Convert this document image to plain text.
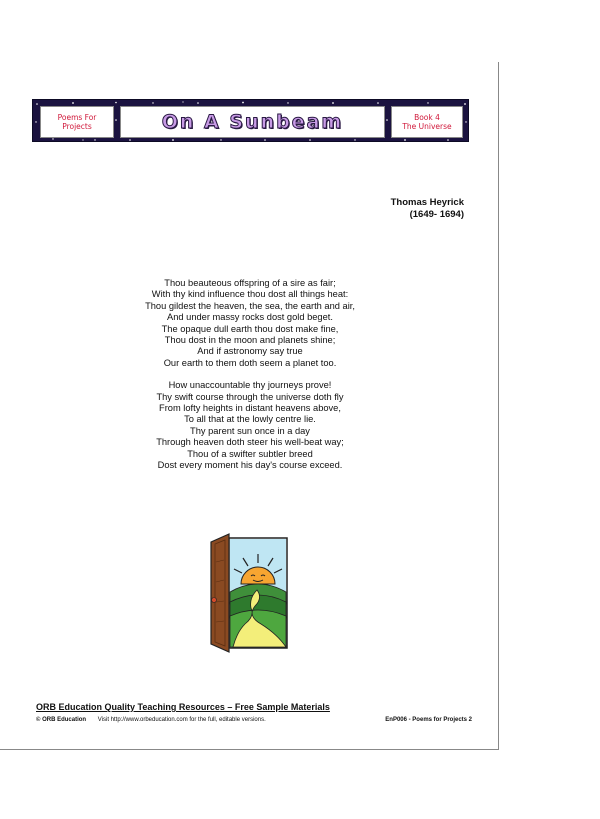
Poems For
Projects	On A Sunbeam	Book 4
The Universe
Thomas Heyrick
(1649- 1694)
Thou beauteous offspring of a sire as fair;
With thy kind influence thou dost all things heat:
Thou gildest the heaven, the sea, the earth and air,
And under massy rocks dost gold beget.
The opaque dull earth thou dost make fine,
Thou dost in the moon and planets shine;
And if astronomy say true
Our earth to them doth seem a planet too.
How unaccountable thy journeys prove!
Thy swift course through the universe doth fly
From lofty heights in distant heavens above,
To all that at the lowly centre lie.
Thy parent sun once in a day
Through heaven doth steer his well-beat way;
Thou of a swifter subtler breed
Dost every moment his day's course exceed.
ORB Education Quality Teaching Resources – Free Sample Materials
© ORB Education Visit http://www.orbeducation.com for the full, editable versions.	EnP006 - Poems for Projects 2
